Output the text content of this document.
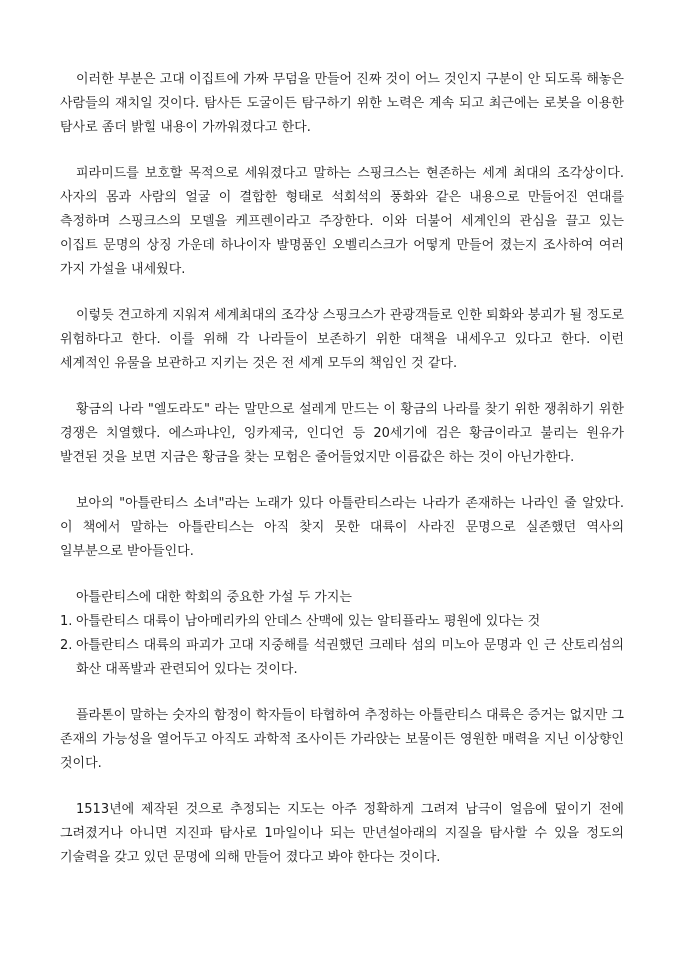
이러한 부분은 고대 이집트에 가짜 무덤을 만들어 진짜 것이 어느 것인지 구분이 안 되도록 해놓은 사람들의 재치일 것이다. 탐사든 도굴이든 탐구하기 위한 노력은 계속 되고 최근에는 로봇을 이용한 탐사로 좀더 밝힐 내용이 가까워졌다고 한다.

피라미드를 보호할 목적으로 세워졌다고 말하는 스핑크스는 현존하는 세계 최대의 조각상이다. 사자의 몸과 사람의 얼굴 이 결합한 형태로 석회석의 풍화와 같은 내용으로 만들어진 연대를 측정하며 스핑크스의 모델을 케프렌이라고 주장한다. 이와 더불어 세계인의 관심을 끌고 있는 이집트 문명의 상징 가운데 하나이자 발명품인 오벨리스크가 어떻게 만들어 졌는지 조사하여 여러 가지 가설을 내세웠다.

이렇듯 견고하게 지워져 세계최대의 조각상 스핑크스가 관광객들로 인한 퇴화와 붕괴가 될 정도로 위험하다고 한다. 이를 위해 각 나라들이 보존하기 위한 대책을 내세우고 있다고 한다. 이런 세계적인 유물을 보관하고 지키는 것은 전 세계 모두의 책임인 것 같다.

황금의 나라 "엘도라도" 라는 말만으로 설레게 만드는 이 황금의 나라를 찾기 위한 쟁취하기 위한 경쟁은 치열했다. 에스파냐인, 잉카제국, 인디언 등 20세기에 검은 황금이라고 불리는 원유가 발견된 것을 보면 지금은 황금을 찾는 모험은 줄어들었지만 이름값은 하는 것이 아닌가한다.

보아의 "아틀란티스 소녀"라는 노래가 있다 아틀란티스라는 나라가 존재하는 나라인 줄 알았다. 이 책에서 말하는 아틀란티스는 아직 찾지 못한 대륙이 사라진 문명으로 실존했던 역사의 일부분으로 받아들인다.

아틀란티스에 대한 학회의 중요한 가설 두 가지는

1. 아틀란티스 대륙이 남아메리카의 안데스 산맥에 있는 알티플라노 평원에 있다는 것
2. 아틀란티스 대륙의 파괴가 고대 지중해를 석권했던 크레타 섬의 미노아 문명과 인 근 산토리섬의 화산 대폭발과 관련되어 있다는 것이다.

플라톤이 말하는 숫자의 함정이 학자들이 타협하여 추정하는 아틀란티스 대륙은 증거는 없지만 그 존재의 가능성을 열어두고 아직도 과학적 조사이든 가라앉는 보물이든 영원한 매력을 지닌 이상향인 것이다.

1513년에 제작된 것으로 추정되는 지도는 아주 정확하게 그려져 남극이 얼음에 덮이기 전에 그려졌거나 아니면 지진파 탐사로 1마일이나 되는 만년설아래의 지질을 탐사할 수 있을 정도의 기술력을 갖고 있던 문명에 의해 만들어 졌다고 봐야 한다는 것이다.
